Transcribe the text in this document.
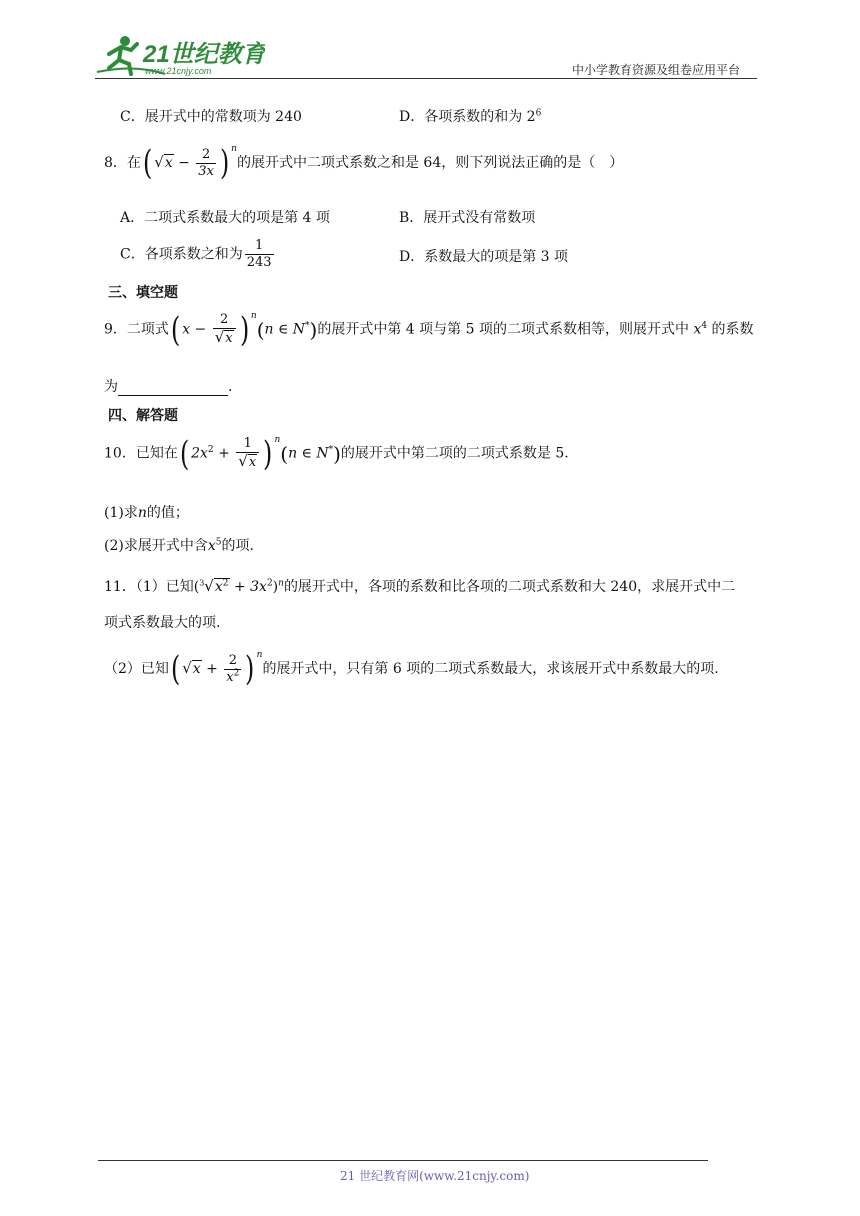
21世纪教育
www.21cnjy.com	中小学教育资源及组卷应用平台
C．展开式中的常数项为 240	D．各项系数的和为 $2^6$
8．在( $√x - \frac{2}{3x}$ ) $^n$的展开式中二项式系数之和是 64，则下列说法正确的是（　）
A．二项式系数最大的项是第 4 项	B．展开式没有常数项
C．各项系数之和为 $\frac{1}{243}$	D．系数最大的项是第 3 项
三、填空题
9．二项式( $x - \frac{2}{√x}$ ) $^n$(n ∈ N*)的展开式中第 4 项与第 5 项的二项式系数相等，则展开式中 $x^4$ 的系数
为	.
四、解答题
10．已知在( $2x^2 + \frac{1}{√x}$ ) $^n$(n ∈ N*)的展开式中第二项的二项式系数是 5.
(1)求n的值；
(2)求展开式中含$x^5$的项.
11．（1）已知$(^3√x^2 + 3x^2)^n$的展开式中，各项的系数和比各项的二项式系数和大 240，求展开式中二
项式系数最大的项.
（2）已知( $√x + \frac{2}{x^2}$ ) $^n$的展开式中，只有第 6 项的二项式系数最大，求该展开式中系数最大的项.
21 世纪教育网(www.21cnjy.com)
